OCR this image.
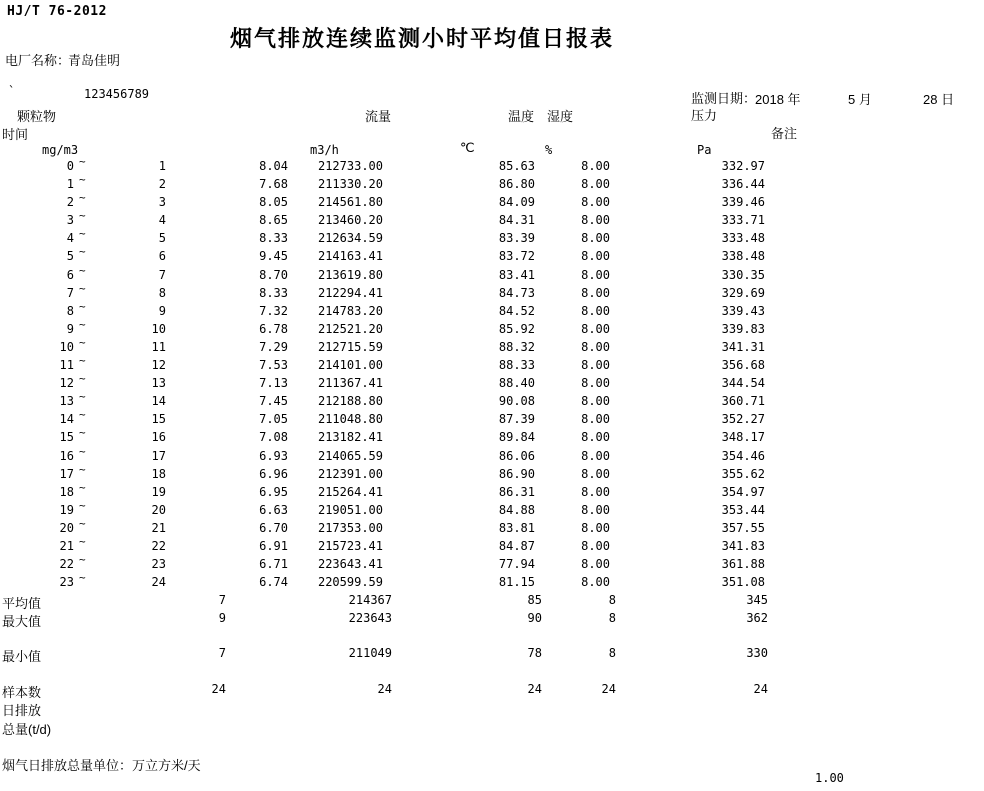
HJ/T 76-2012
烟气排放连续监测小时平均值日报表
电厂名称：
青岛佳明
`	123456789	监测日期：
2018 年	5 月	28 日
颗粒物	流量	温度 湿度	压力
时间	备注
mg/m3	m3/h	℃	%	Pa
0 ~	1	8.04	212733.00	85.63	8.00	332.97
1 ~	2	7.68	211330.20	86.80	8.00	336.44
2 ~	3	8.05	214561.80	84.09	8.00	339.46
3 ~	4	8.65	213460.20	84.31	8.00	333.71
4 ~	5	8.33	212634.59	83.39	8.00	333.48
5 ~	6	9.45	214163.41	83.72	8.00	338.48
6 ~	7	8.70	213619.80	83.41	8.00	330.35
7 ~	8	8.33	212294.41	84.73	8.00	329.69
8 ~	9	7.32	214783.20	84.52	8.00	339.43
9 ~	10	6.78	212521.20	85.92	8.00	339.83
10 ~	11	7.29	212715.59	88.32	8.00	341.31
11 ~	12	7.53	214101.00	88.33	8.00	356.68
12 ~	13	7.13	211367.41	88.40	8.00	344.54
13 ~	14	7.45	212188.80	90.08	8.00	360.71
14 ~	15	7.05	211048.80	87.39	8.00	352.27
15 ~	16	7.08	213182.41	89.84	8.00	348.17
16 ~	17	6.93	214065.59	86.06	8.00	354.46
17 ~	18	6.96	212391.00	86.90	8.00	355.62
18 ~	19	6.95	215264.41	86.31	8.00	354.97
19 ~	20	6.63	219051.00	84.88	8.00	353.44
20 ~	21	6.70	217353.00	83.81	8.00	357.55
21 ~	22	6.91	215723.41	84.87	8.00	341.83
22 ~	23	6.71	223643.41	77.94	8.00	361.88
23 ~	24	6.74	220599.59	81.15	8.00	351.08
平均值	7	214367	85	8	345
最大值	9	223643	90	8	362
最小值	7	211049	78	8	330
样本数	24	24	24	24	24
日排放
总量(t/d)
烟气日排放总量单位：万立方米/天
1.00
